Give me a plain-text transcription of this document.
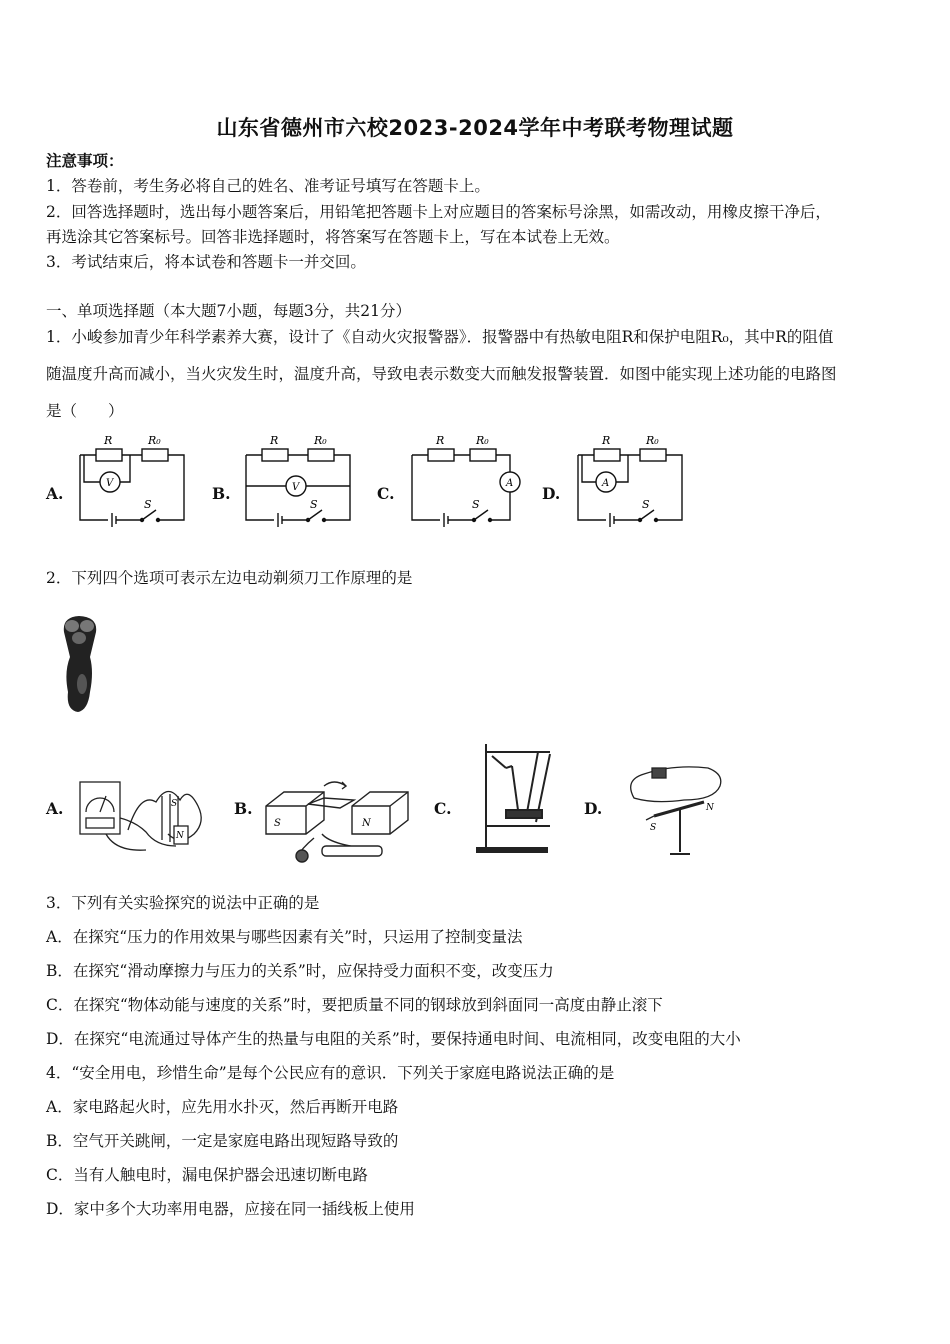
山东省德州市六校2023-2024学年中考联考物理试题
注意事项：
1．答卷前，考生务必将自己的姓名、准考证号填写在答题卡上。
2．回答选择题时，选出每小题答案后，用铅笔把答题卡上对应题目的答案标号涂黑，如需改动，用橡皮擦干净后，
再选涂其它答案标号。回答非选择题时，将答案写在答题卡上，写在本试卷上无效。
3．考试结束后，将本试卷和答题卡一并交回。
一、单项选择题（本大题7小题，每题3分，共21分）
1．小峻参加青少年科学素养大赛，设计了《自动火灾报警器》．报警器中有热敏电阻R和保护电阻R₀，其中R的阻值
随温度升高而减小，当火灾发生时，温度升高，导致电表示数变大而触发报警装置．如图中能实现上述功能的电路图
是（　　）
A.	B.	C.	D.
R	R₀
V
S
R	R₀
V
S
R	R₀
A
S
R	R₀
A
S
2．下列四个选项可表示左边电动剃须刀工作原理的是
A.	B.	C.	D.
S
N
S	N	S
N
3．下列有关实验探究的说法中正确的是
A．在探究“压力的作用效果与哪些因素有关”时，只运用了控制变量法
B．在探究“滑动摩擦力与压力的关系”时，应保持受力面积不变，改变压力
C．在探究“物体动能与速度的关系”时，要把质量不同的钢球放到斜面同一高度由静止滚下
D．在探究“电流通过导体产生的热量与电阻的关系”时，要保持通电时间、电流相同，改变电阻的大小
4．“安全用电，珍惜生命”是每个公民应有的意识．下列关于家庭电路说法正确的是
A．家电路起火时，应先用水扑灭，然后再断开电路
B．空气开关跳闸，一定是家庭电路出现短路导致的
C．当有人触电时，漏电保护器会迅速切断电路
D．家中多个大功率用电器，应接在同一插线板上使用
